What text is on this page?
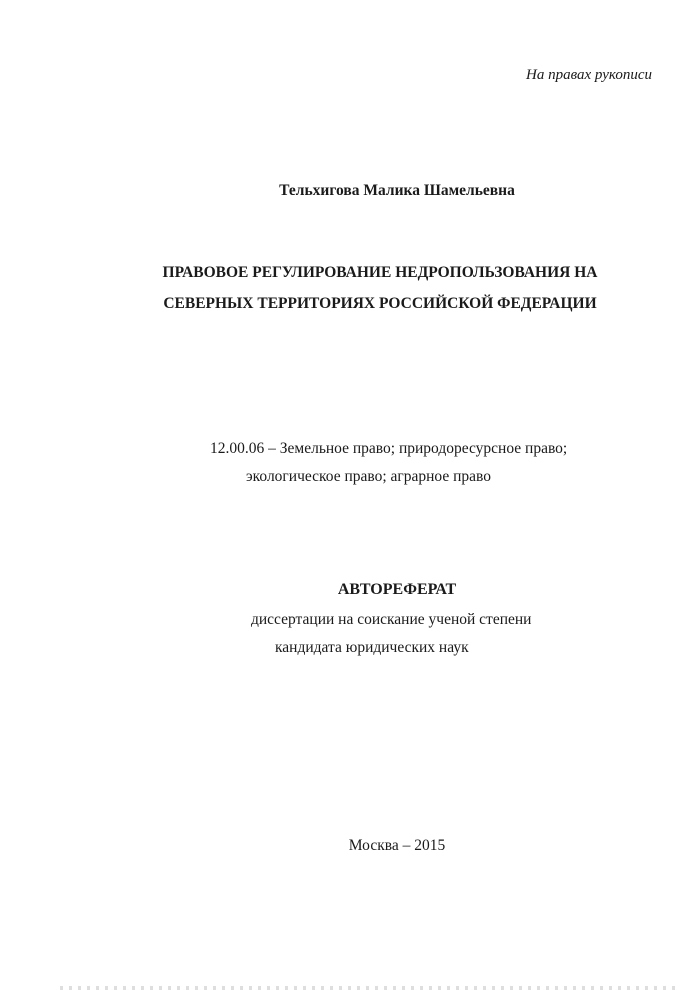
На правах рукописи
Тельхигова Малика Шамельевна
ПРАВОВОЕ РЕГУЛИРОВАНИЕ НЕДРОПОЛЬЗОВАНИЯ НА
СЕВЕРНЫХ ТЕРРИТОРИЯХ РОССИЙСКОЙ ФЕДЕРАЦИИ
12.00.06 – Земельное право; природоресурсное право;
экологическое право; аграрное право
АВТОРЕФЕРАТ
диссертации на соискание ученой степени
кандидата юридических наук
Москва – 2015
